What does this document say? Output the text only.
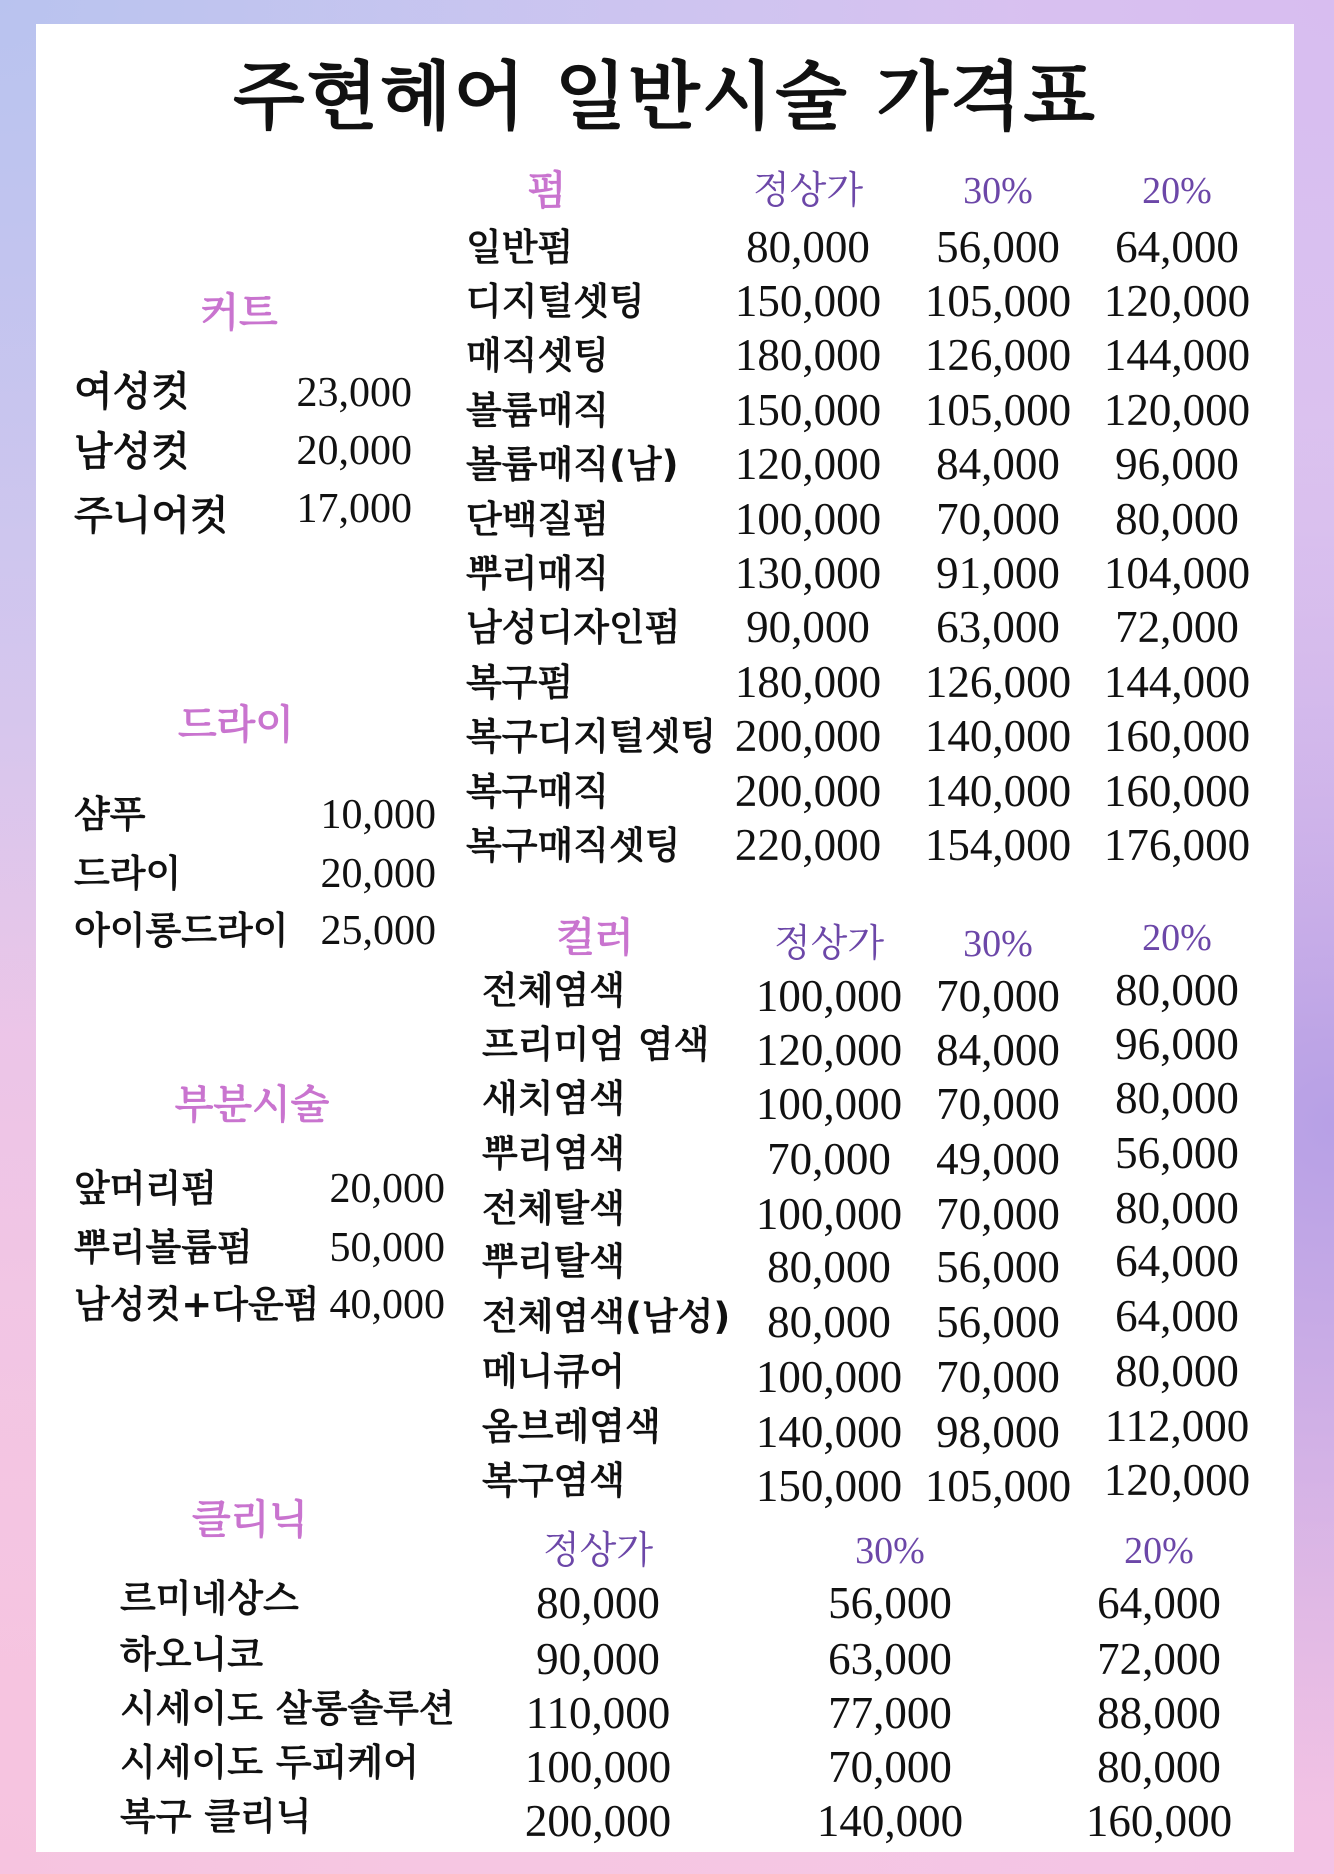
주현헤어 일반시술 가격표
커트
여성컷	23,000
남성컷	20,000
주니어컷	17,000
드라이
샴푸	10,000
드라이	20,000
아이롱드라이 25,000
부분시술
앞머리펌	20,000
뿌리볼륨펌	50,000
남성컷+다운펌 40,000
펌	정상가	30%	20%
일반펌	80,000	56,000	64,000
디지털셋팅	150,000 105,000 120,000
매직셋팅	180,000 126,000 144,000
볼륨매직	150,000 105,000 120,000
볼륨매직(남)	120,000	84,000	96,000
단백질펌	100,000	70,000	80,000
뿌리매직	130,000	91,000 104,000
남성디자인펌	90,000	63,000	72,000
복구펌	180,000 126,000 144,000
복구디지털셋팅 200,000 140,000 160,000
복구매직	200,000 140,000 160,000
복구매직셋팅	220,000 154,000 176,000
컬러	정상가	30%	20%
전체염색	100,000 70,000	80,000
프리미엄 염색	120,000 84,000	96,000
새치염색	100,000 70,000	80,000
뿌리염색	70,000	49,000	56,000
전체탈색	100,000 70,000	80,000
뿌리탈색	80,000	56,000	64,000
전체염색(남성) 80,000	56,000	64,000
메니큐어	100,000 70,000	80,000
옴브레염색	140,000 98,000 112,000
복구염색	150,000 105,000 120,000
클리닉
정상가	30%	20%
르미네상스	80,000	56,000	64,000
하오니코	90,000	63,000	72,000
시세이도 살롱솔루션	110,000	77,000	88,000
시세이도 두피케어	100,000	70,000	80,000
복구 클리닉	200,000	140,000	160,000
